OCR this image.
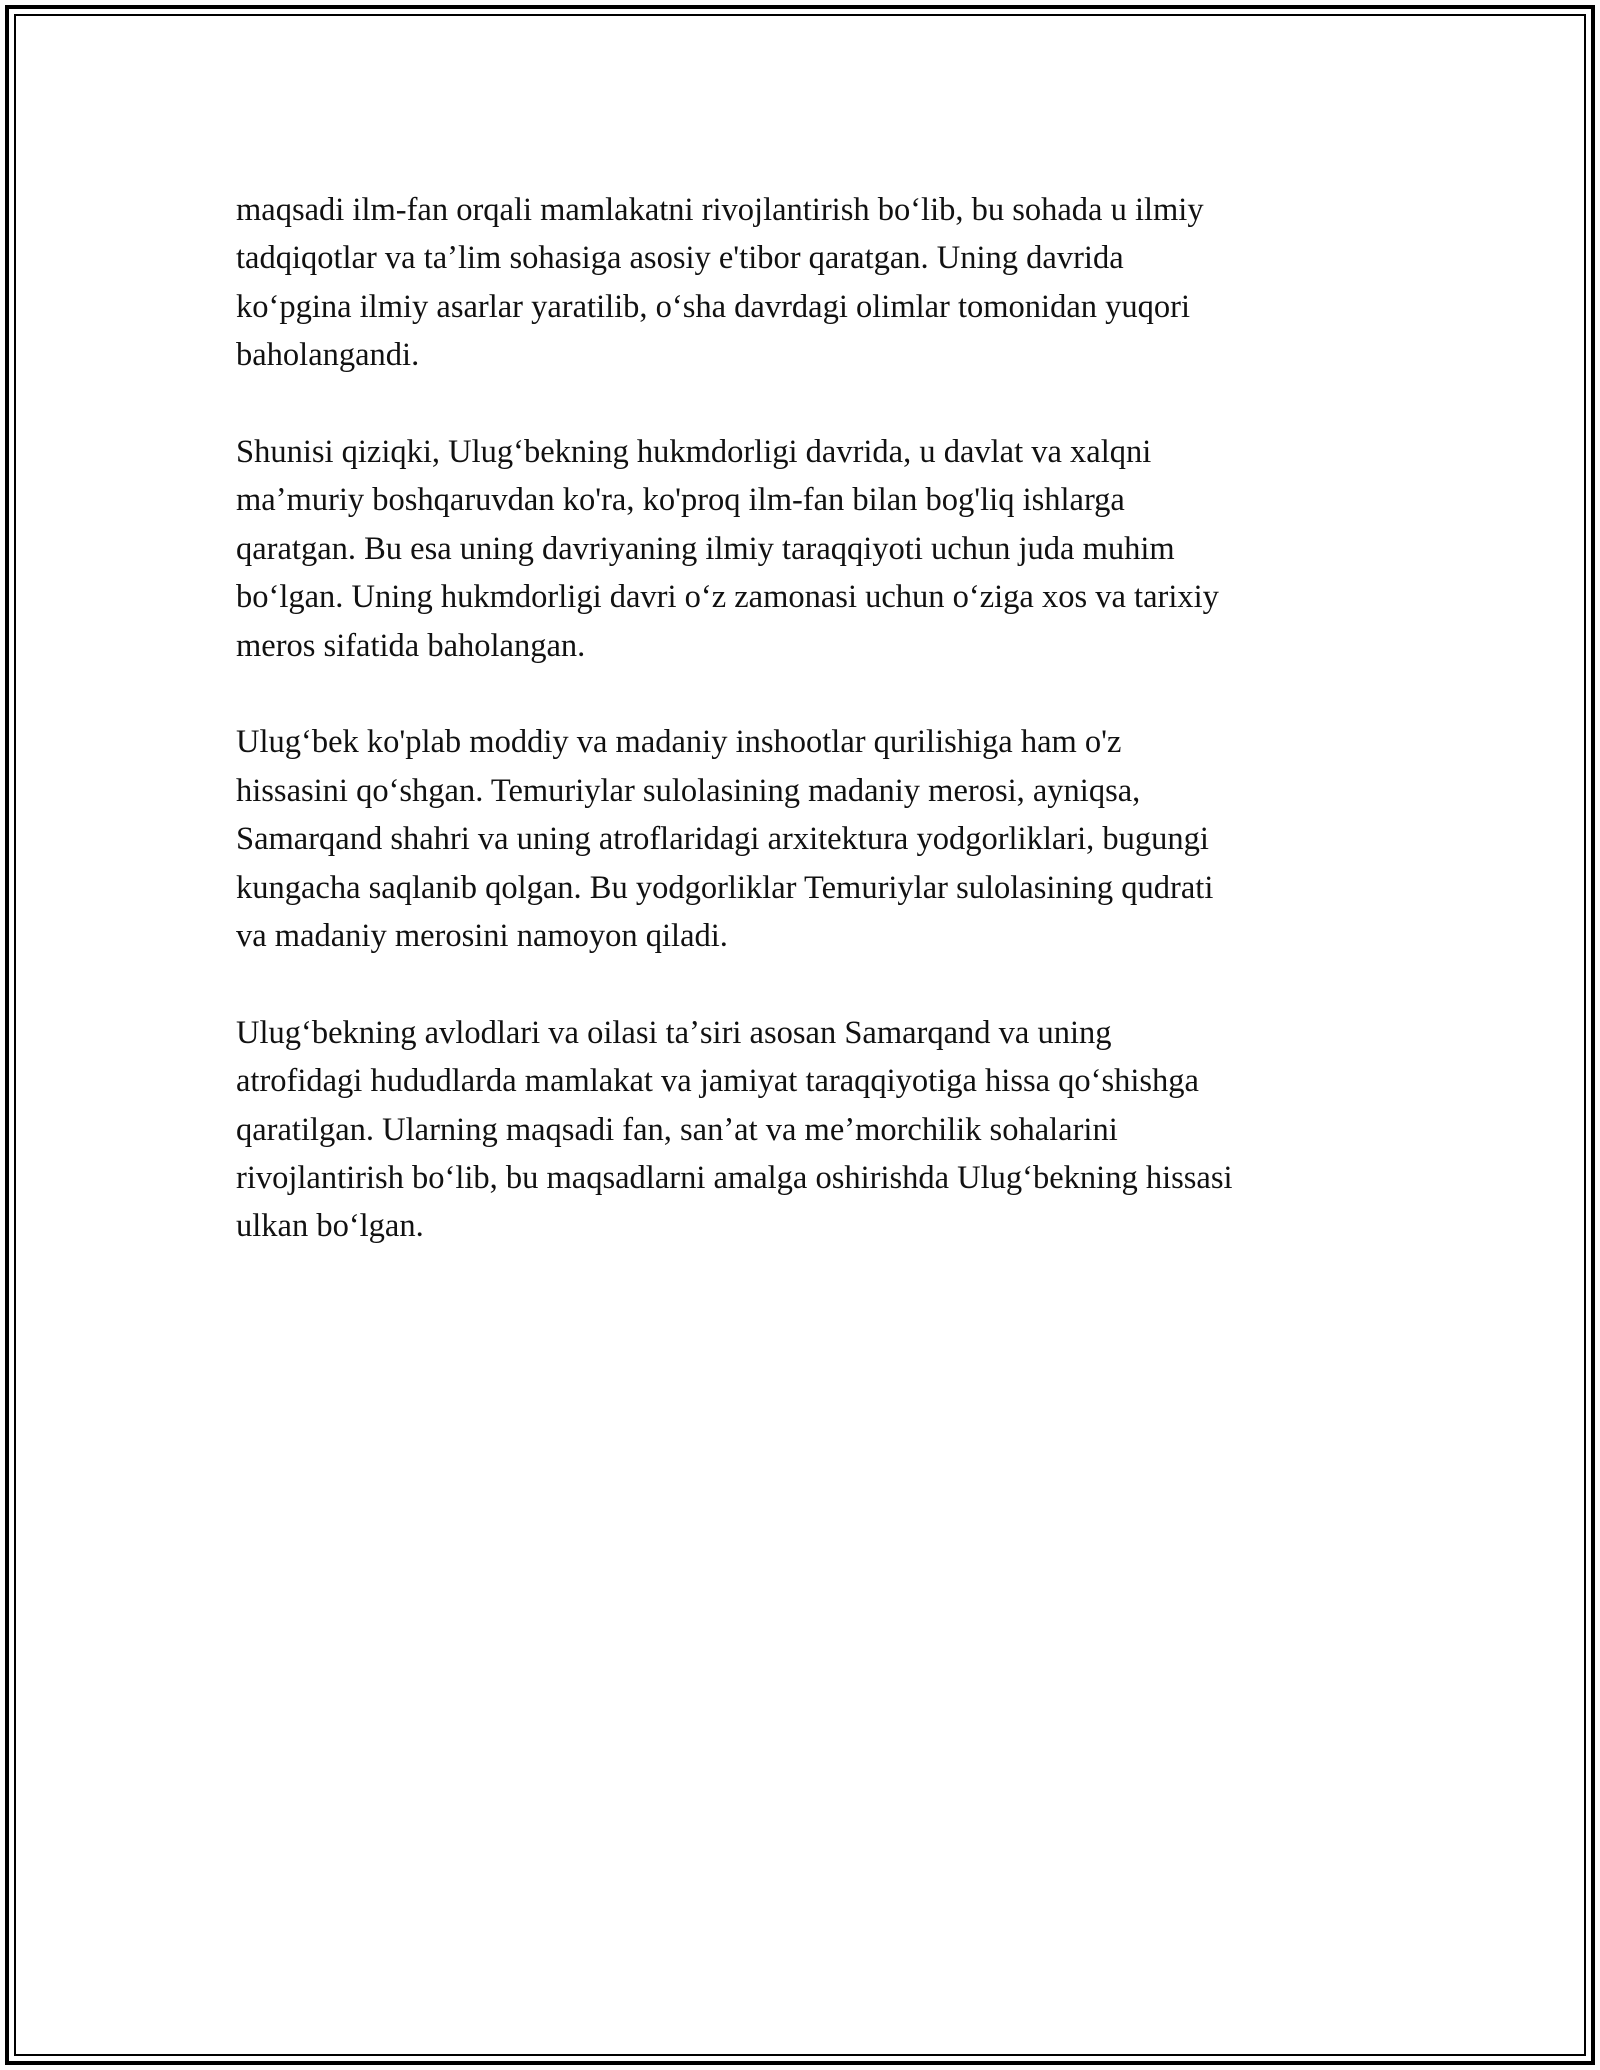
maqsadi ilm-fan orqali mamlakatni rivojlantirish boʻlib, bu sohada u ilmiy
tadqiqotlar va taʼlim sohasiga asosiy e'tibor qaratgan. Uning davrida
koʻpgina ilmiy asarlar yaratilib, oʻsha davrdagi olimlar tomonidan yuqori
baholangandi.

Shunisi qiziqki, Ulugʻbekning hukmdorligi davrida, u davlat va xalqni
maʼmuriy boshqaruvdan ko'ra, ko'proq ilm-fan bilan bog'liq ishlarga
qaratgan. Bu esa uning davriyaning ilmiy taraqqiyoti uchun juda muhim
boʻlgan. Uning hukmdorligi davri oʻz zamonasi uchun oʻziga xos va tarixiy
meros sifatida baholangan.

Ulugʻbek ko'plab moddiy va madaniy inshootlar qurilishiga ham o'z
hissasini qoʻshgan. Temuriylar sulolasining madaniy merosi, ayniqsa,
Samarqand shahri va uning atroflaridagi arxitektura yodgorliklari, bugungi
kungacha saqlanib qolgan. Bu yodgorliklar Temuriylar sulolasining qudrati
va madaniy merosini namoyon qiladi.

Ulugʻbekning avlodlari va oilasi taʼsiri asosan Samarqand va uning
atrofidagi hududlarda mamlakat va jamiyat taraqqiyotiga hissa qoʻshishga
qaratilgan. Ularning maqsadi fan, sanʼat va meʼmorchilik sohalarini
rivojlantirish boʻlib, bu maqsadlarni amalga oshirishda Ulugʻbekning hissasi
ulkan boʻlgan.
